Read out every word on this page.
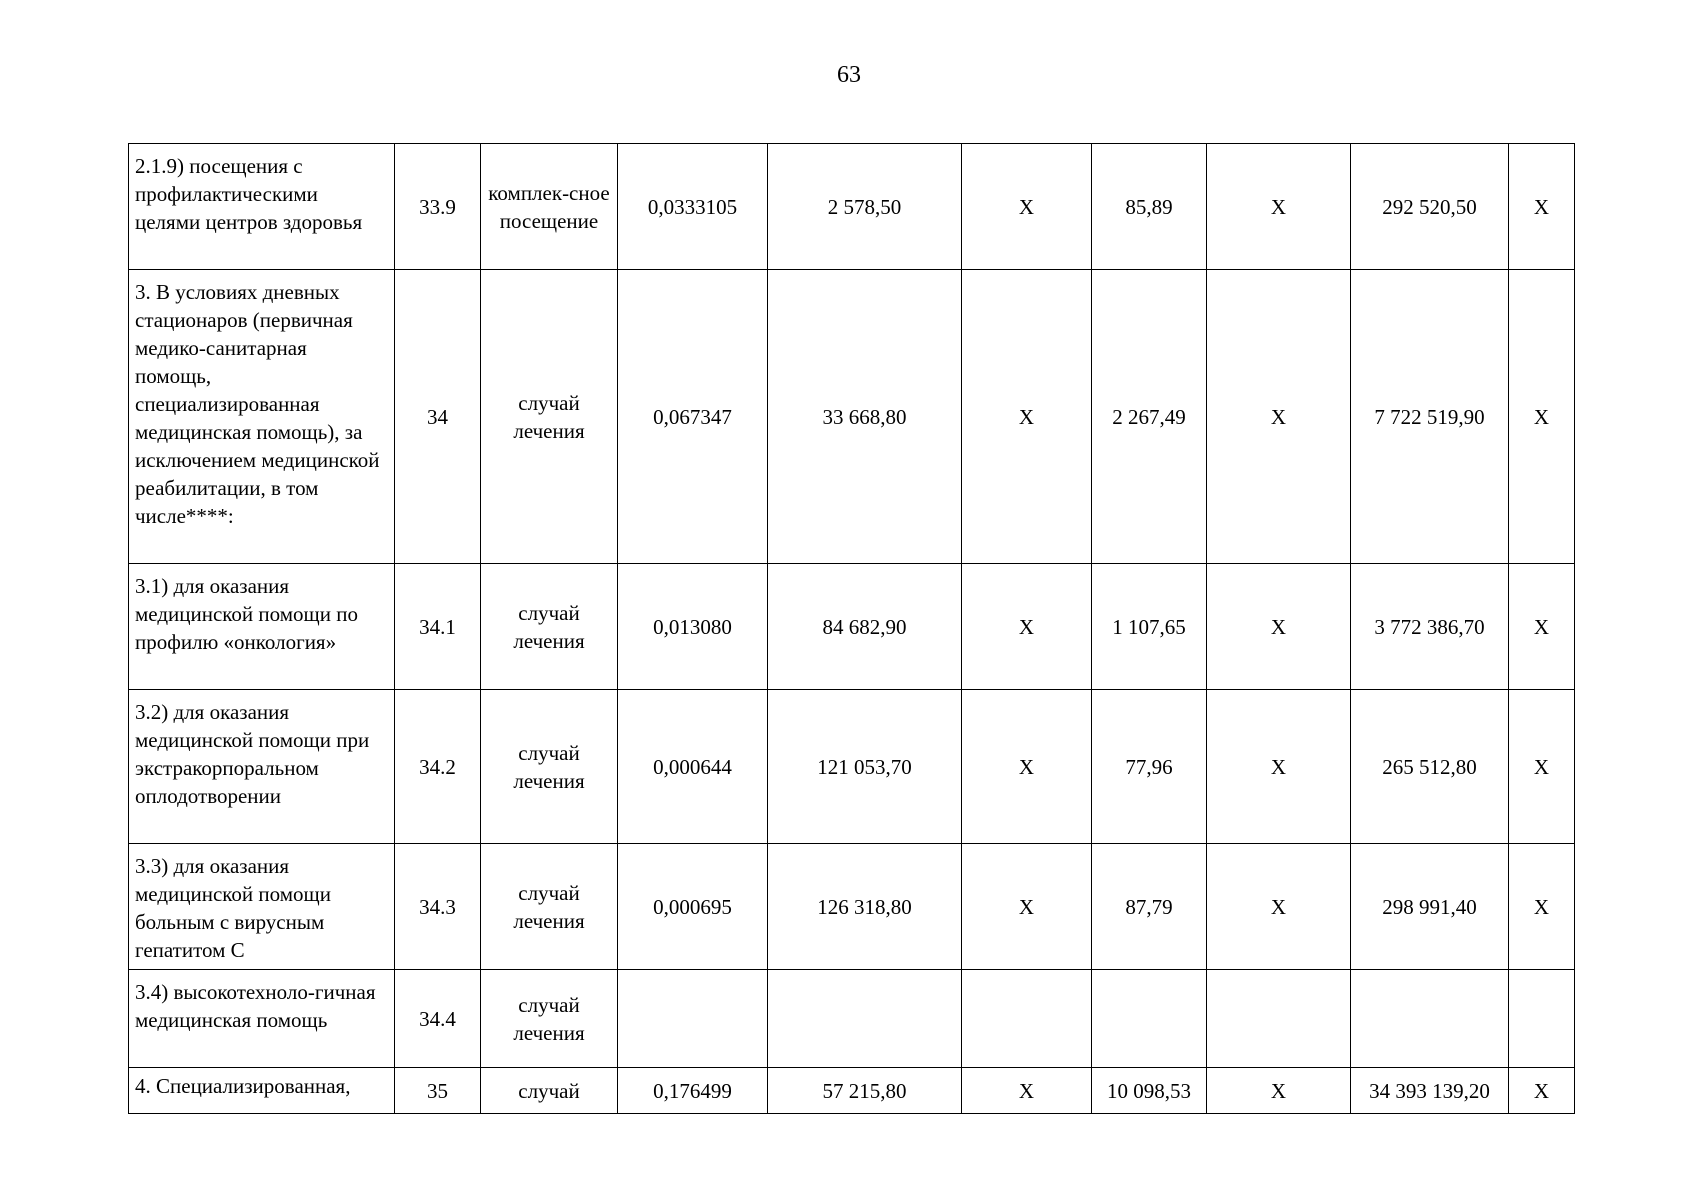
63
2.1.9) посещения с профилактическими целями центров здоровья	33.9	комплек-сное посещение	0,0333105	2 578,50	Х	85,89	Х	292 520,50	Х
3. В условиях дневных стационаров (первичная медико-санитарная помощь, специализированная медицинская помощь), за исключением медицинской реабилитации, в том числе****:	34	случай лечения	0,067347	33 668,80	Х	2 267,49	Х	7 722 519,90	Х
3.1) для оказания медицинской помощи по профилю «онкология»	34.1	случай лечения	0,013080	84 682,90	Х	1 107,65	Х	3 772 386,70	Х
3.2) для оказания медицинской помощи при экстракорпоральном оплодотворении	34.2	случай лечения	0,000644	121 053,70	Х	77,96	Х	265 512,80	Х
3.3) для оказания медицинской помощи больным с вирусным гепатитом С	34.3	случай лечения	0,000695	126 318,80	Х	87,79	Х	298 991,40	Х
3.4) высокотехноло-гичная медицинская помощь	34.4	случай лечения							
4. Специализированная,	35	случай	0,176499	57 215,80	Х	10 098,53	Х	34 393 139,20	Х
